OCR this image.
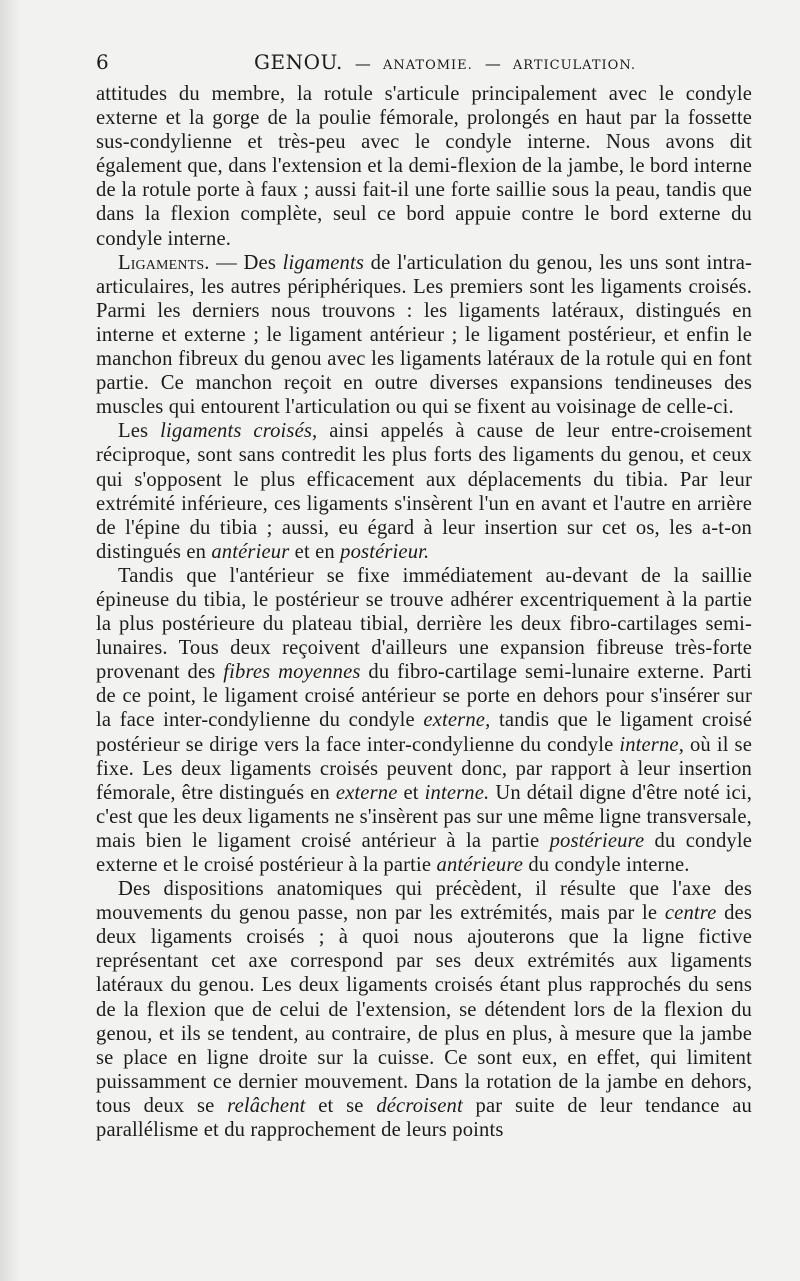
6	GENOU. — ANATOMIE. — ARTICULATION.

attitudes du membre, la rotule s'articule principalement avec le condyle externe et la gorge de la poulie fémorale, prolongés en haut par la fossette sus-condylienne et très-peu avec le condyle interne. Nous avons dit également que, dans l'extension et la demi-flexion de la jambe, le bord interne de la rotule porte à faux ; aussi fait-il une forte saillie sous la peau, tandis que dans la flexion complète, seul ce bord appuie contre le bord externe du condyle interne.

Ligaments. — Des ligaments de l'articulation du genou, les uns sont intra-articulaires, les autres périphériques. Les premiers sont les ligaments croisés. Parmi les derniers nous trouvons : les ligaments latéraux, distingués en interne et externe ; le ligament antérieur ; le ligament postérieur, et enfin le manchon fibreux du genou avec les ligaments latéraux de la rotule qui en font partie. Ce manchon reçoit en outre diverses expansions tendineuses des muscles qui entourent l'articulation ou qui se fixent au voisinage de celle-ci.

Les ligaments croisés, ainsi appelés à cause de leur entre-croisement réciproque, sont sans contredit les plus forts des ligaments du genou, et ceux qui s'opposent le plus efficacement aux déplacements du tibia. Par leur extrémité inférieure, ces ligaments s'insèrent l'un en avant et l'autre en arrière de l'épine du tibia ; aussi, eu égard à leur insertion sur cet os, les a-t-on distingués en antérieur et en postérieur.

Tandis que l'antérieur se fixe immédiatement au-devant de la saillie épineuse du tibia, le postérieur se trouve adhérer excentriquement à la partie la plus postérieure du plateau tibial, derrière les deux fibro-cartilages semi-lunaires. Tous deux reçoivent d'ailleurs une expansion fibreuse très-forte provenant des fibres moyennes du fibro-cartilage semi-lunaire externe. Parti de ce point, le ligament croisé antérieur se porte en dehors pour s'insérer sur la face inter-condylienne du condyle externe, tandis que le ligament croisé postérieur se dirige vers la face inter-condylienne du condyle interne, où il se fixe. Les deux ligaments croisés peuvent donc, par rapport à leur insertion fémorale, être distingués en externe et interne. Un détail digne d'être noté ici, c'est que les deux ligaments ne s'insèrent pas sur une même ligne transversale, mais bien le ligament croisé antérieur à la partie postérieure du condyle externe et le croisé postérieur à la partie antérieure du condyle interne.

Des dispositions anatomiques qui précèdent, il résulte que l'axe des mouvements du genou passe, non par les extrémités, mais par le centre des deux ligaments croisés ; à quoi nous ajouterons que la ligne fictive représentant cet axe correspond par ses deux extrémités aux ligaments latéraux du genou. Les deux ligaments croisés étant plus rapprochés du sens de la flexion que de celui de l'extension, se détendent lors de la flexion du genou, et ils se tendent, au contraire, de plus en plus, à mesure que la jambe se place en ligne droite sur la cuisse. Ce sont eux, en effet, qui limitent puissamment ce dernier mouvement. Dans la rotation de la jambe en dehors, tous deux se relâchent et se décroisent par suite de leur tendance au parallélisme et du rapprochement de leurs points
